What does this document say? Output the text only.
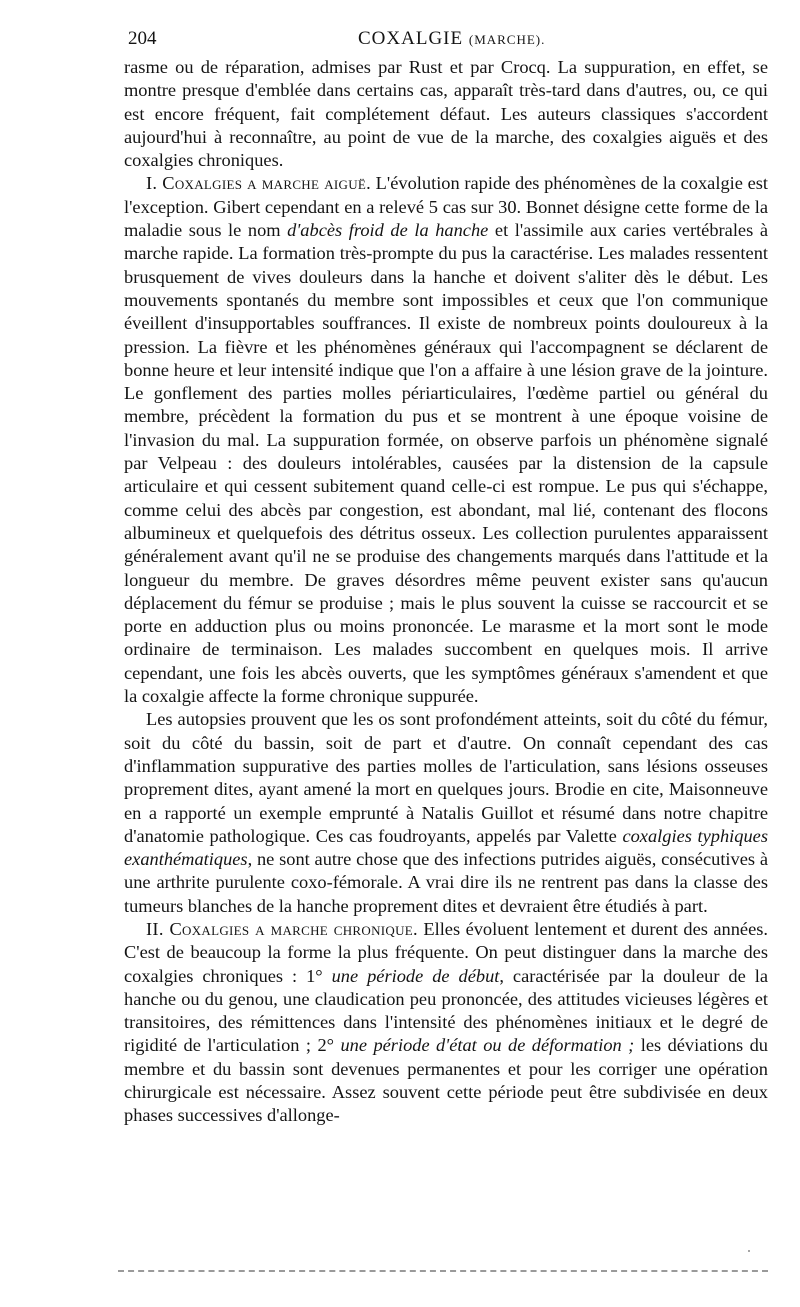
204	COXALGIE (MARCHE).

rasme ou de réparation, admises par Rust et par Crocq. La suppuration, en effet, se montre presque d'emblée dans certains cas, apparaît très-tard dans d'autres, ou, ce qui est encore fréquent, fait complétement défaut. Les auteurs classiques s'accordent aujourd'hui à reconnaître, au point de vue de la marche, des coxalgies aiguës et des coxalgies chroniques.

I. Coxalgies a marche aiguë. L'évolution rapide des phénomènes de la coxalgie est l'exception. Gibert cependant en a relevé 5 cas sur 30. Bonnet désigne cette forme de la maladie sous le nom d'abcès froid de la hanche et l'assimile aux caries vertébrales à marche rapide. La formation très-prompte du pus la caractérise. Les malades ressentent brusquement de vives douleurs dans la hanche et doivent s'aliter dès le début. Les mouvements spontanés du membre sont impossibles et ceux que l'on communique éveillent d'insupportables souffrances. Il existe de nombreux points douloureux à la pression. La fièvre et les phénomènes généraux qui l'accompagnent se déclarent de bonne heure et leur intensité indique que l'on a affaire à une lésion grave de la jointure. Le gonflement des parties molles périarticulaires, l'œdème partiel ou général du membre, précèdent la formation du pus et se montrent à une époque voisine de l'invasion du mal. La suppuration formée, on observe parfois un phénomène signalé par Velpeau : des douleurs intolérables, causées par la distension de la capsule articulaire et qui cessent subitement quand celle-ci est rompue. Le pus qui s'échappe, comme celui des abcès par congestion, est abondant, mal lié, contenant des flocons albumineux et quelquefois des détritus osseux. Les collection purulentes apparaissent généralement avant qu'il ne se produise des changements marqués dans l'attitude et la longueur du membre. De graves désordres même peuvent exister sans qu'aucun déplacement du fémur se produise ; mais le plus souvent la cuisse se raccourcit et se porte en adduction plus ou moins prononcée. Le marasme et la mort sont le mode ordinaire de terminaison. Les malades succombent en quelques mois. Il arrive cependant, une fois les abcès ouverts, que les symptômes généraux s'amendent et que la coxalgie affecte la forme chronique suppurée.

Les autopsies prouvent que les os sont profondément atteints, soit du côté du fémur, soit du côté du bassin, soit de part et d'autre. On connaît cependant des cas d'inflammation suppurative des parties molles de l'articulation, sans lésions osseuses proprement dites, ayant amené la mort en quelques jours. Brodie en cite, Maisonneuve en a rapporté un exemple emprunté à Natalis Guillot et résumé dans notre chapitre d'anatomie pathologique. Ces cas foudroyants, appelés par Valette coxalgies typhiques exanthématiques, ne sont autre chose que des infections putrides aiguës, consécutives à une arthrite purulente coxo-fémorale. A vrai dire ils ne rentrent pas dans la classe des tumeurs blanches de la hanche proprement dites et devraient être étudiés à part.

II. Coxalgies a marche chronique. Elles évoluent lentement et durent des années. C'est de beaucoup la forme la plus fréquente. On peut distinguer dans la marche des coxalgies chroniques : 1° une période de début, caractérisée par la douleur de la hanche ou du genou, une claudication peu prononcée, des attitudes vicieuses légères et transitoires, des rémittences dans l'intensité des phénomènes initiaux et le degré de rigidité de l'articulation ; 2° une période d'état ou de déformation ; les déviations du membre et du bassin sont devenues permanentes et pour les corriger une opération chirurgicale est nécessaire. Assez souvent cette période peut être subdivisée en deux phases successives d'allonge-
